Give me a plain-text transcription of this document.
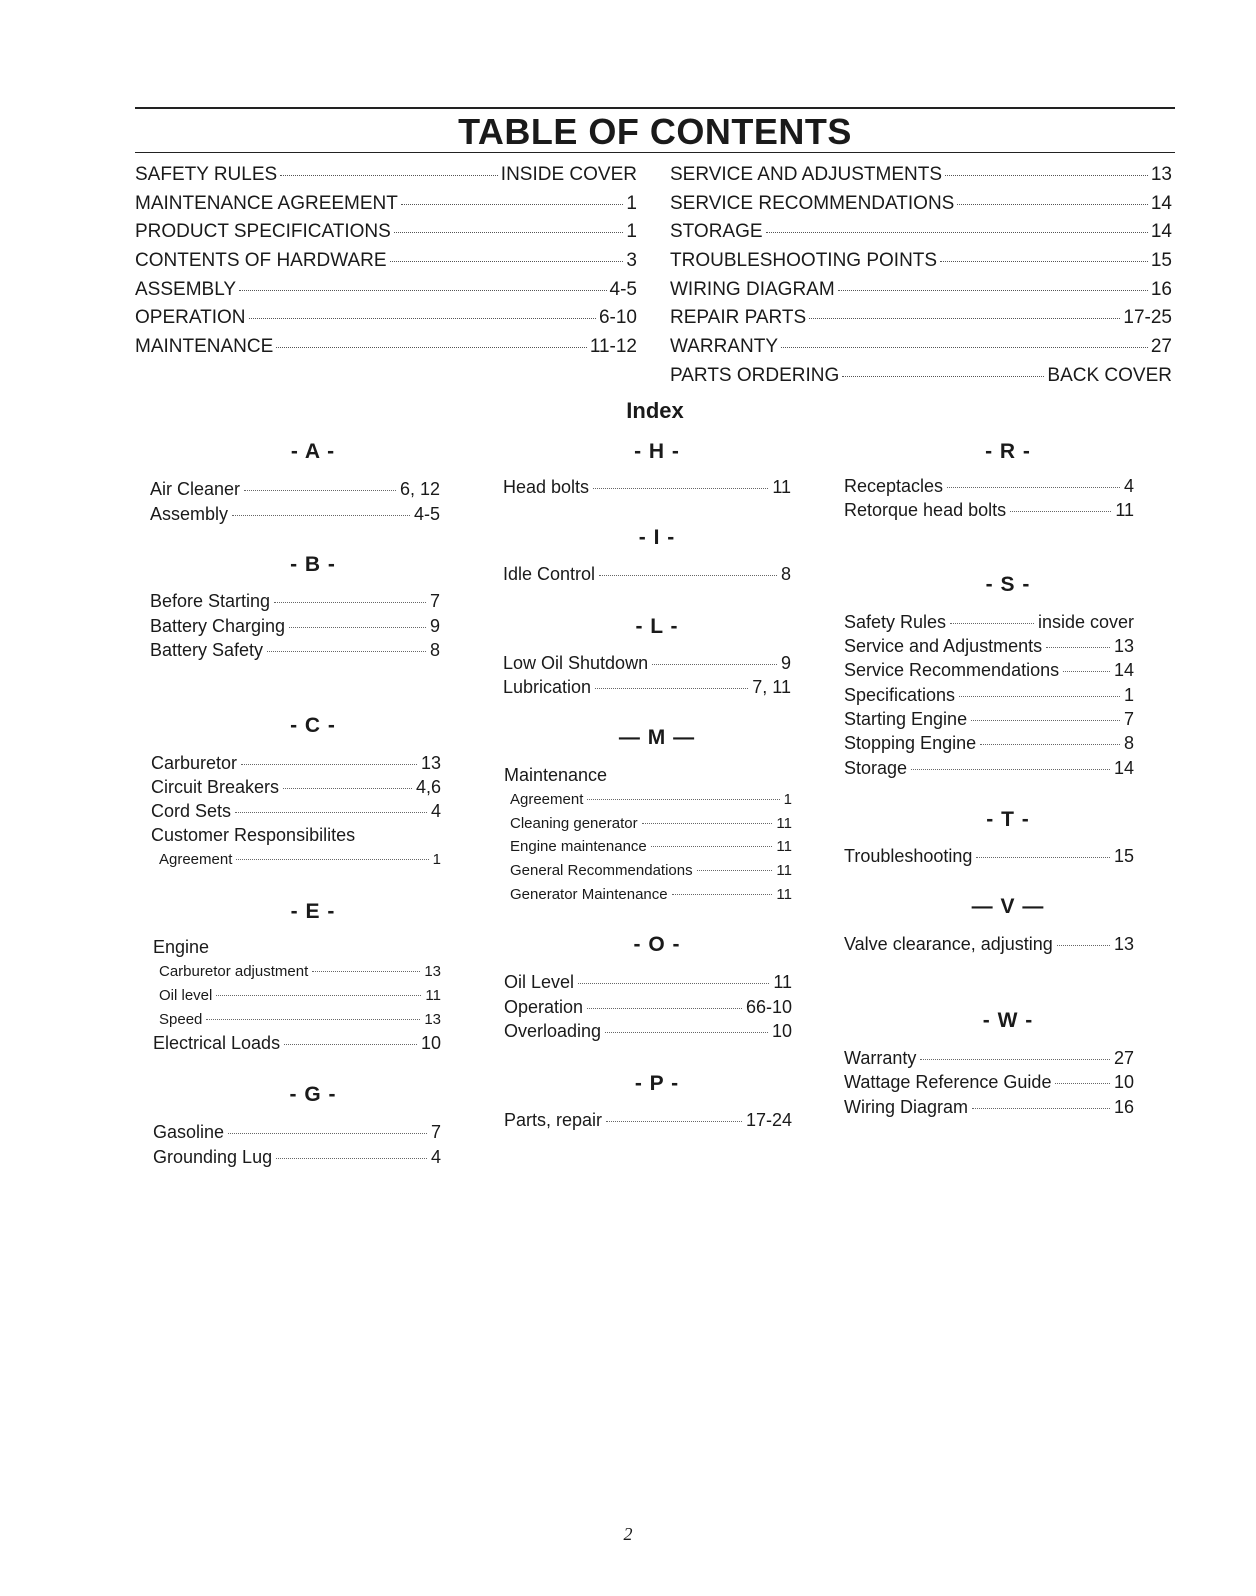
TABLE OF CONTENTS
SAFETY RULES	INSIDE COVER
MAINTENANCE AGREEMENT	1
PRODUCT SPECIFICATIONS	1
CONTENTS OF HARDWARE	3
ASSEMBLY	4-5
OPERATION	6-10
MAINTENANCE	11-12
SERVICE AND ADJUSTMENTS	13
SERVICE RECOMMENDATIONS	14
STORAGE	14
TROUBLESHOOTING POINTS	15
WIRING DIAGRAM	16
REPAIR PARTS	17-25
WARRANTY	27
PARTS ORDERING	BACK COVER
Index
- A -
Air Cleaner	6, 12
Assembly	4-5
- B -
Before Starting	7
Battery Charging	9
Battery Safety	8
- C -
Carburetor	13
Circuit Breakers	4,6
Cord Sets	4
Customer Responsibilites
Agreement	1
- E -
Engine
Carburetor adjustment	13
Oil level	11
Speed	13
Electrical Loads	10
- G -
Gasoline	7
Grounding Lug	4
- H -
Head bolts	11
- I -
Idle Control	8
- L -
Low Oil Shutdown	9
Lubrication	7, 11
— M —
Maintenance
Agreement	1
Cleaning generator	11
Engine maintenance	11
General Recommendations	11
Generator Maintenance	11
- O -
Oil Level	11
Operation	66-10
Overloading	10
- P -
Parts, repair	17-24
- R -
Receptacles	4
Retorque head bolts	11
- S -
Safety Rules	inside cover
Service and Adjustments	13
Service Recommendations	14
Specifications	1
Starting Engine	7
Stopping Engine	8
Storage	14
- T -
Troubleshooting	15
— V —
Valve clearance, adjusting	13
- W -
Warranty	27
Wattage Reference Guide	10
Wiring Diagram	16
2
